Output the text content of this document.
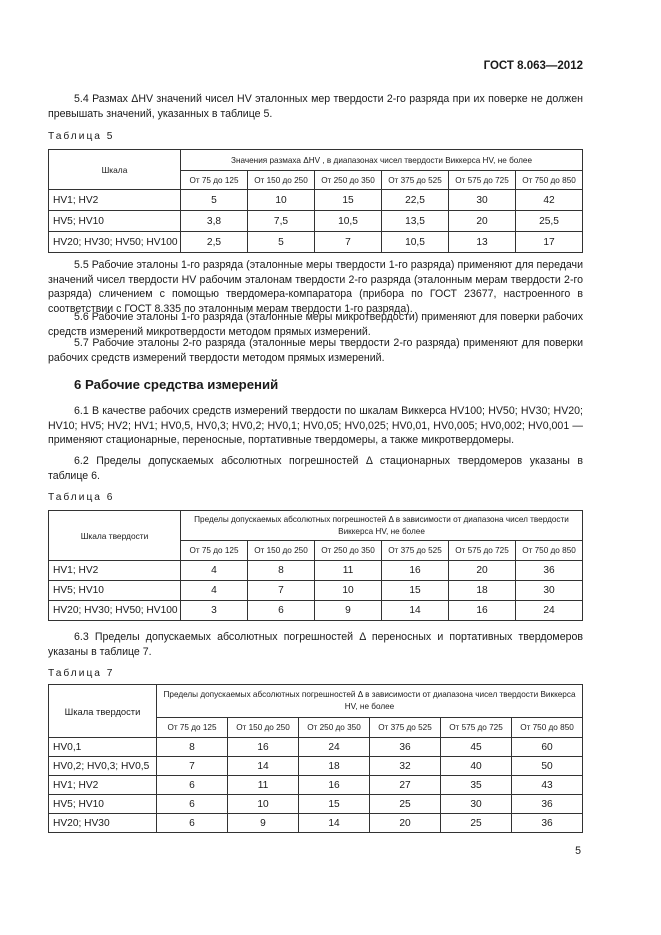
ГОСТ 8.063—2012

5.4 Размах ΔHV значений чисел HV эталонных мер твердости 2-го разряда при их поверке не должен превышать значений, указанных в таблице 5.

Таблица 5
Шкала	Значения размаха ΔHV , в диапазонах чисел твердости Виккерса HV, не более					
	От 75 до 125	От 150 до 250	От 250 до 350	От 375 до 525	От 575 до 725	От 750 до 850
HV1; HV2	5	10	15	22,5	30	42
HV5; HV10	3,8	7,5	10,5	13,5	20	25,5
HV20; HV30; HV50; HV100	2,5	5	7	10,5	13	17

5.5 Рабочие эталоны 1-го разряда (эталонные меры твердости 1-го разряда) применяют для передачи значений чисел твердости HV рабочим эталонам твердости 2-го разряда (эталонным мерам твердости 2-го разряда) сличением с помощью твердомера-компаратора (прибора по ГОСТ 23677, настроенного в соответствии с ГОСТ 8.335 по эталонным мерам твердости 1-го разряда).

5.6 Рабочие эталоны 1-го разряда (эталонные меры микротвердости) применяют для поверки рабочих средств измерений микротвердости методом прямых измерений.

5.7 Рабочие эталоны 2-го разряда (эталонные меры твердости 2-го разряда) применяют для поверки рабочих средств измерений твердости методом прямых измерений.

6 Рабочие средства измерений

6.1 В качестве рабочих средств измерений твердости по шкалам Виккерса HV100; HV50; HV30; HV20; HV10; HV5; HV2; HV1; HV0,5, HV0,3; HV0,2; HV0,1; HV0,05; HV0,025; HV0,01, HV0,005; HV0,002; HV0,001 — применяют стационарные, переносные, портативные твердомеры, а также микротвердомеры.

6.2 Пределы допускаемых абсолютных погрешностей Δ стационарных твердомеров указаны в таблице 6.

Таблица 6
Шкала твердости	Пределы допускаемых абсолютных погрешностей Δ в зависимости от диапазона чисел твердости Виккерса HV, не более					
	От 75 до 125	От 150 до 250	От 250 до 350	От 375 до 525	От 575 до 725	От 750 до 850
HV1; HV2	4	8	11	16	20	36
HV5; HV10	4	7	10	15	18	30
HV20; HV30; HV50; HV100	3	6	9	14	16	24

6.3 Пределы допускаемых абсолютных погрешностей Δ переносных и портативных твердомеров указаны в таблице 7.

Таблица 7
Шкала твердости	Пределы допускаемых абсолютных погрешностей Δ в зависимости от диапазона чисел твердости Виккерса HV, не более					
	От 75 до 125	От 150 до 250	От 250 до 350	От 375 до 525	От 575 до 725	От 750 до 850
HV0,1	8	16	24	36	45	60
HV0,2; HV0,3; HV0,5	7	14	18	32	40	50
HV1; HV2	6	11	16	27	35	43
HV5; HV10	6	10	15	25	30	36
HV20; HV30	6	9	14	20	25	36
5
